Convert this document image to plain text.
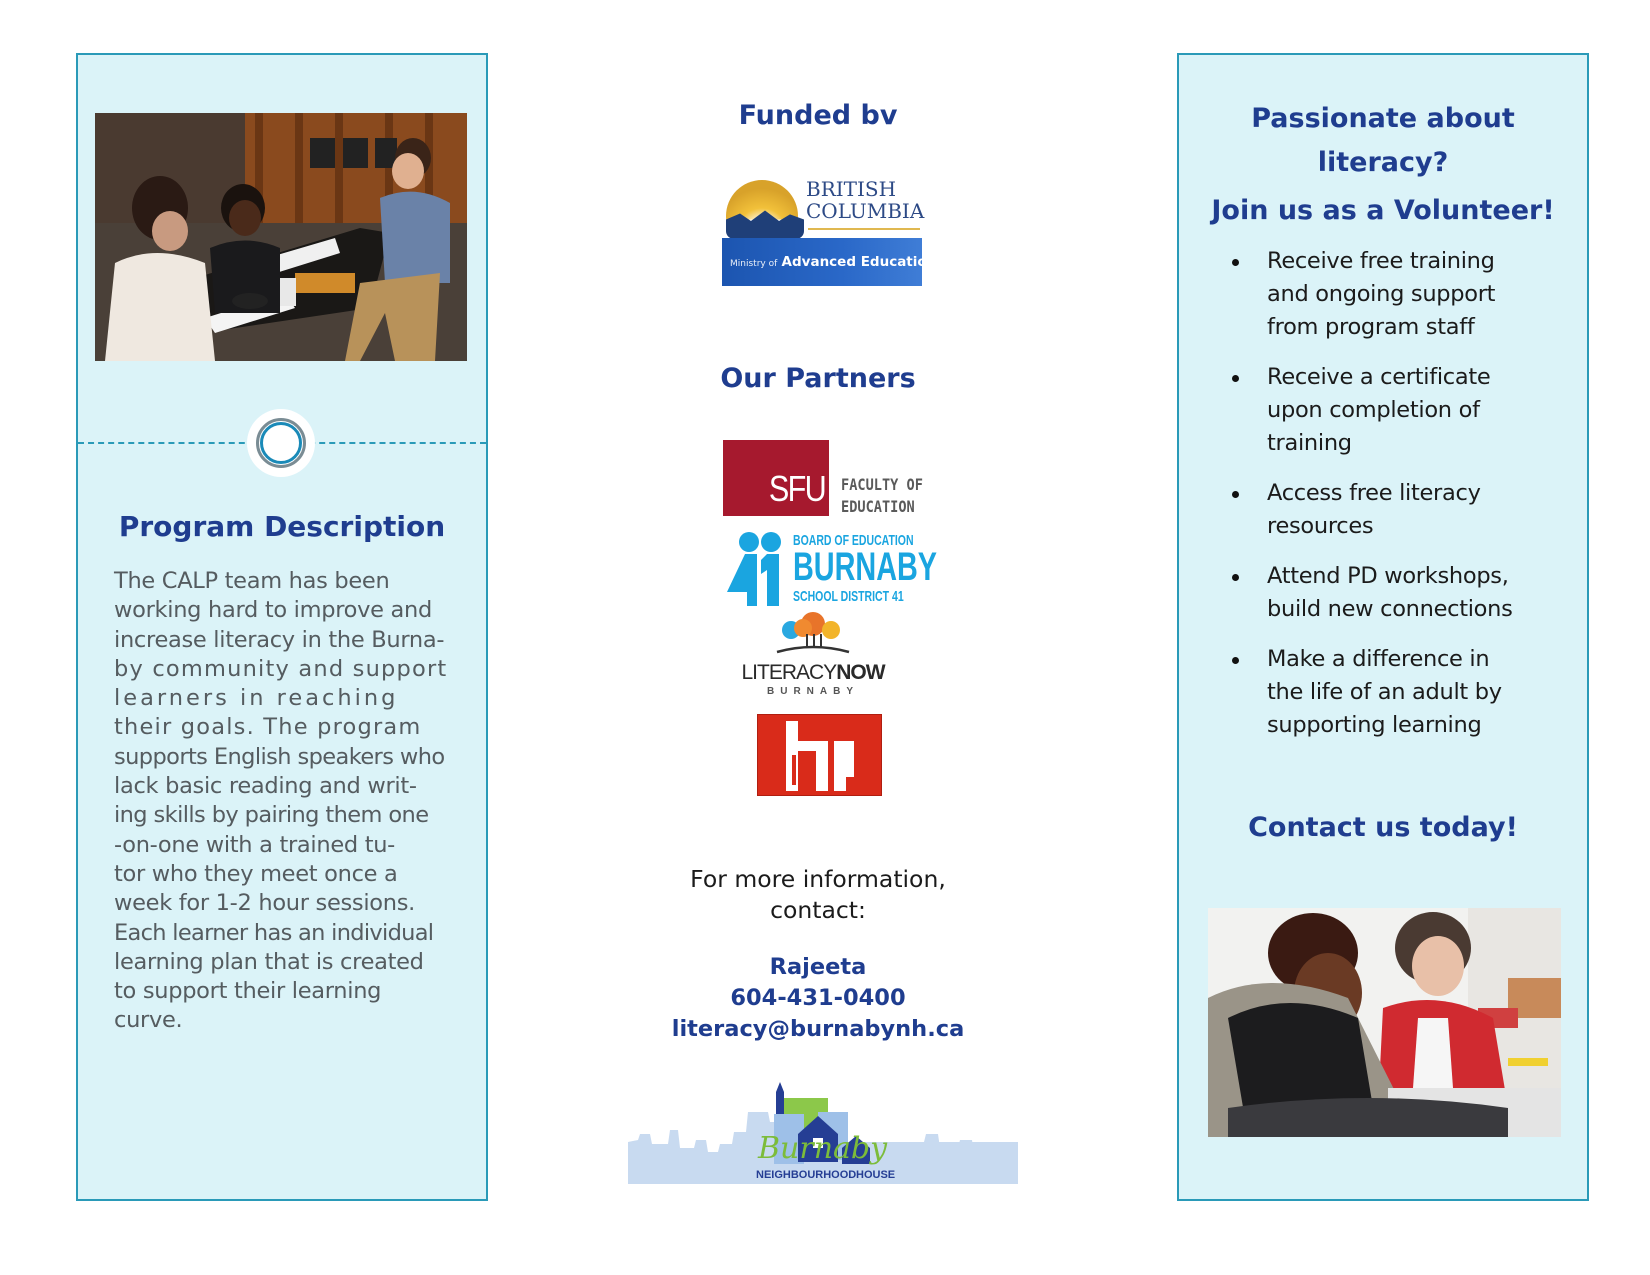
Program Description
The CALP team has been
working hard to improve and
increase literacy in the Burna-
by community and support
learners in reaching
their goals. The program
supports English speakers who
lack basic reading and writ-
ing skills by pairing them one
-on-one with a trained tu-
tor who they meet once a
week for 1-2 hour sessions.
Each learner has an individual
learning plan that is created
to support their learning
curve.
Funded bv
BRITISH
COLUMBIA
Ministry of Advanced Education
Our Partners
SFU FACULTY OF
EDUCATION
BOARD OF EDUCATION
BURNABY
SCHOOL DISTRICT 41
LITERACYNOW
BURNABY
For more information,
contact:
Rajeeta
604-431-0400
literacy@burnabynh.ca
Burnaby
NEIGHBOURHOOD HOUSE
Passionate about
literacy?
Join us as a Volunteer!
Receive free training
and ongoing support
from program staff
Receive a certificate
upon completion of
training
Access free literacy
resources
Attend PD workshops,
build new connections
Make a difference in
the life of an adult by
supporting learning
Contact us today!
